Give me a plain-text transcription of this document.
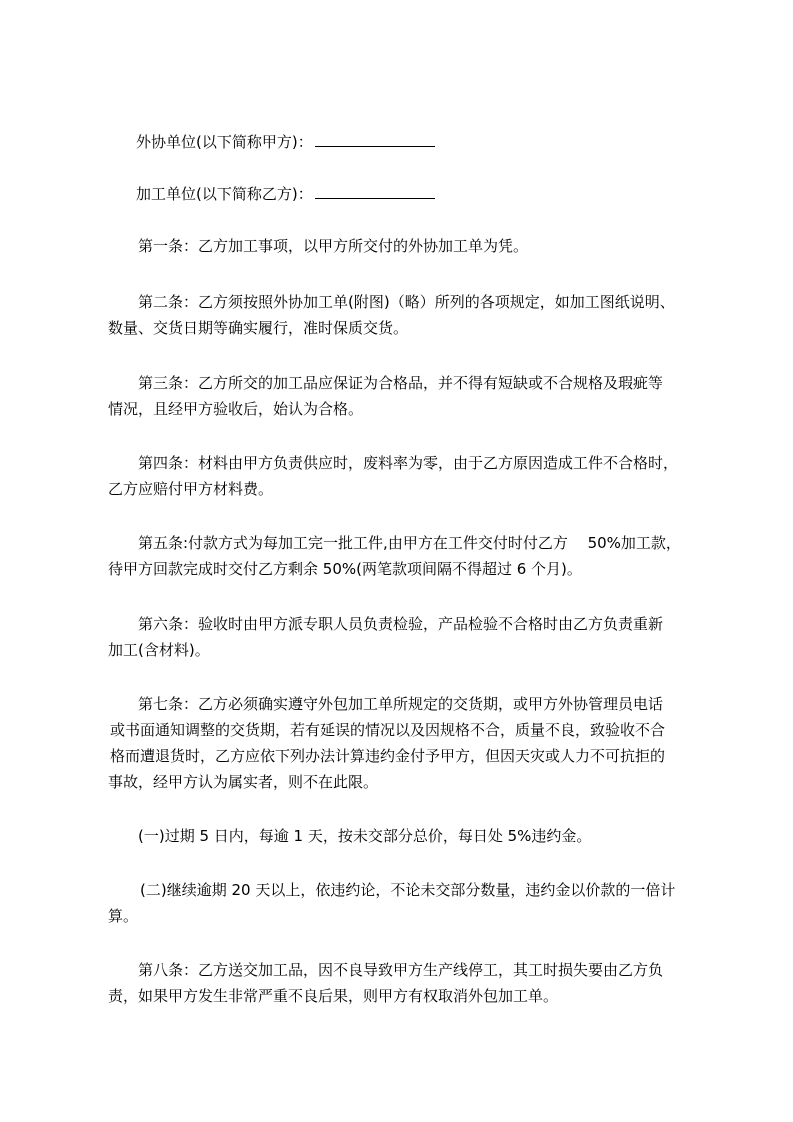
外协单位(以下简称甲方)：
加工单位(以下简称乙方)：
第一条：乙方加工事项，以甲方所交付的外协加工单为凭。
第二条：乙方须按照外协加工单(附图)（略）所列的各项规定，如加工图纸说明、
数量、交货日期等确实履行，准时保质交货。
第三条：乙方所交的加工品应保证为合格品，并不得有短缺或不合规格及瑕疵等
情况，且经甲方验收后，始认为合格。
第四条：材料由甲方负责供应时，废料率为零，由于乙方原因造成工件不合格时，
乙方应赔付甲方材料费。
第五条:付款方式为每加工完一批工件,由甲方在工件交付时付乙方　 50%加工款，
待甲方回款完成时交付乙方剩余 50%(两笔款项间隔不得超过 6 个月)。
第六条：验收时由甲方派专职人员负责检验，产品检验不合格时由乙方负责重新
加工(含材料)。
第七条：乙方必须确实遵守外包加工单所规定的交货期，或甲方外协管理员电话
或书面通知调整的交货期，若有延误的情况以及因规格不合，质量不良，致验收不合
格而遭退货时，乙方应依下列办法计算违约金付予甲方，但因天灾或人力不可抗拒的
事故，经甲方认为属实者，则不在此限。
(一)过期 5 日内，每逾 1 天，按未交部分总价，每日处 5%违约金。
(二)继续逾期 20 天以上，依违约论，不论未交部分数量，违约金以价款的一倍计
算。
第八条：乙方送交加工品，因不良导致甲方生产线停工，其工时损失要由乙方负
责，如果甲方发生非常严重不良后果，则甲方有权取消外包加工单。
